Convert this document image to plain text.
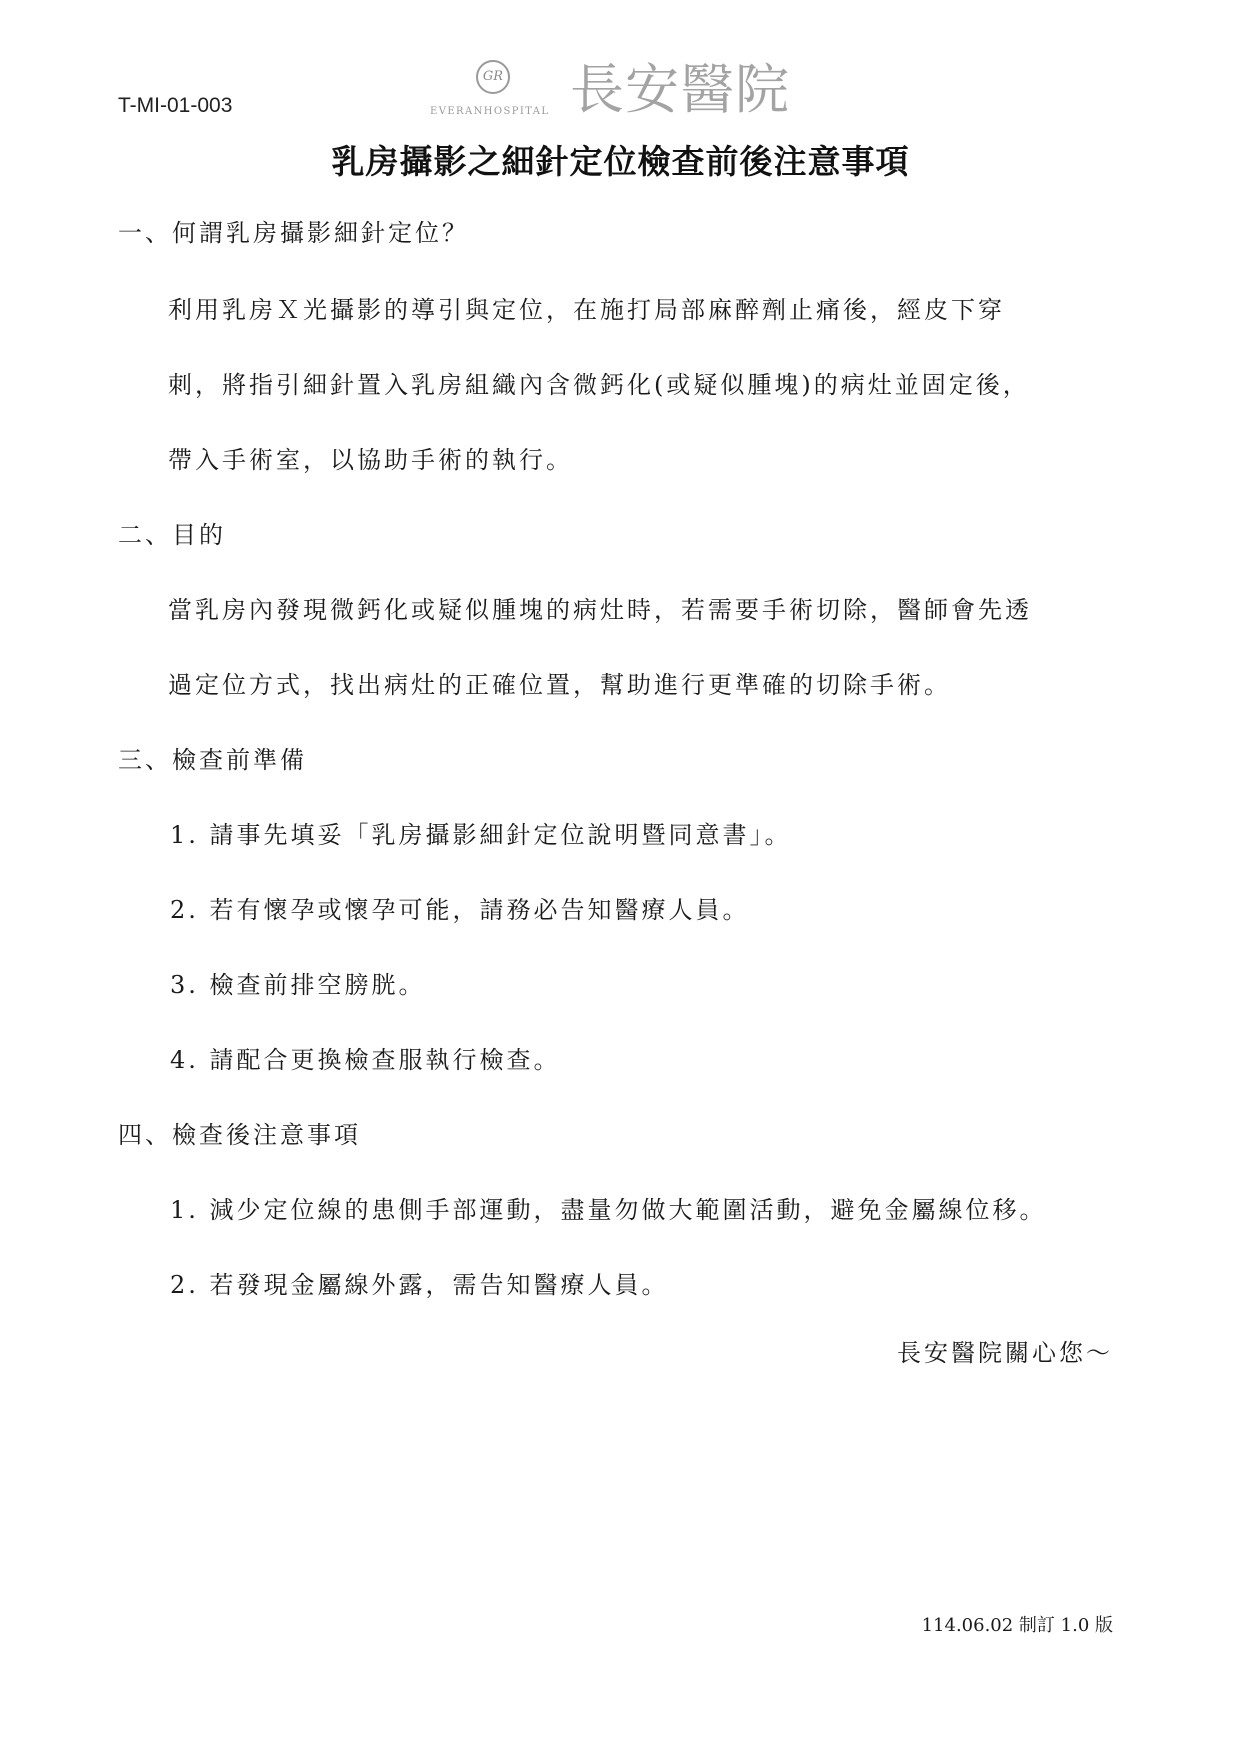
T-MI-01-003
GR
EVERANHOSPITAL 長安醫院
乳房攝影之細針定位檢查前後注意事項
一、何謂乳房攝影細針定位？
利用乳房Ｘ光攝影的導引與定位，在施打局部麻醉劑止痛後，經皮下穿
刺，將指引細針置入乳房組織內含微鈣化(或疑似腫塊)的病灶並固定後，
帶入手術室，以協助手術的執行。
二、目的
當乳房內發現微鈣化或疑似腫塊的病灶時，若需要手術切除，醫師會先透
過定位方式，找出病灶的正確位置，幫助進行更準確的切除手術。
三、檢查前準備
1. 請事先填妥「乳房攝影細針定位說明暨同意書」。
2. 若有懷孕或懷孕可能，請務必告知醫療人員。
3. 檢查前排空膀胱。
4. 請配合更換檢查服執行檢查。
四、檢查後注意事項
1. 減少定位線的患側手部運動，盡量勿做大範圍活動，避免金屬線位移。
2. 若發現金屬線外露，需告知醫療人員。
長安醫院關心您～
114.06.02 制訂 1.0 版
